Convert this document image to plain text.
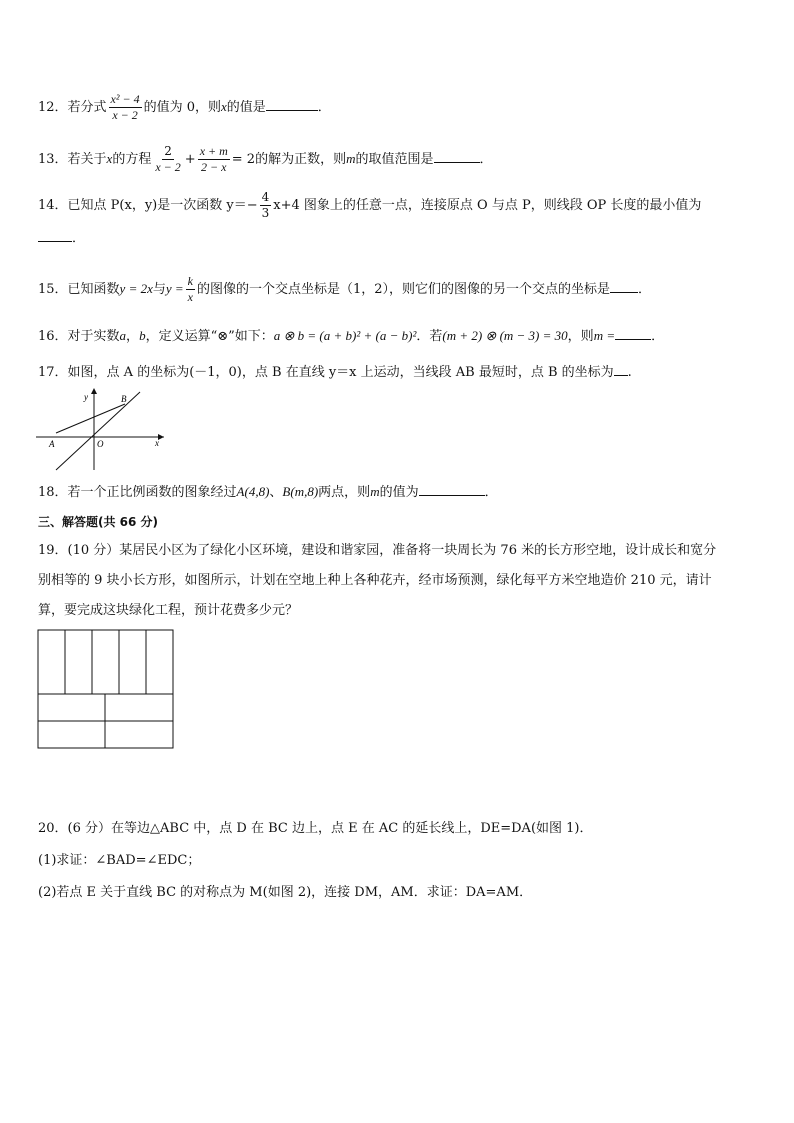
12．若分式 $\frac{\text{x² − 4}}{x - 2}$ 的值为 0，则x的值是	．
13．若关于x的方程 $\frac{2}{x - 2} + \frac{x + m}{2 - x} = 2$的解为正数，则m的取值范围是	．
14．已知点 P(x，y)是一次函数 $y=- \frac{4}{3} x+4$ 图象上的任意一点，连接原点 O 与点 P，则线段 OP 长度的最小值为
．
15．已知函数y = 2x与$y = \frac{k}{x}$ 的图像的一个交点坐标是（1，2），则它们的图像的另一个交点的坐标是 ．
16．对于实数a，b，定义运算“⊗”如下：a ⊗ b = (a + b)² + (a − b)²．若(m + 2) ⊗ (m − 3) = 30，则m =	．
17．如图，点 A 的坐标为(－1，0)，点 B 在直线 y＝x 上运动，当线段 AB 最短时，点 B 的坐标为 .
y	B
A	O	x
18．若一个正比例函数的图象经过A(4,8)、B(m,8)两点，则m的值为	．
三、解答题(共 66 分)
19．(10 分）某居民小区为了绿化小区环境，建设和谐家园，准备将一块周长为 76 米的长方形空地，设计成长和宽分
别相等的 9 块小长方形，如图所示，计划在空地上种上各种花卉，经市场预测，绿化每平方米空地造价 210 元，请计
算，要完成这块绿化工程，预计花费多少元？
20．(6 分）在等边△ABC 中，点 D 在 BC 边上，点 E 在 AC 的延长线上，DE=DA(如图 1)．
(1)求证：∠BAD=∠EDC；
(2)若点 E 关于直线 BC 的对称点为 M(如图 2)，连接 DM，AM．求证：DA=AM．
